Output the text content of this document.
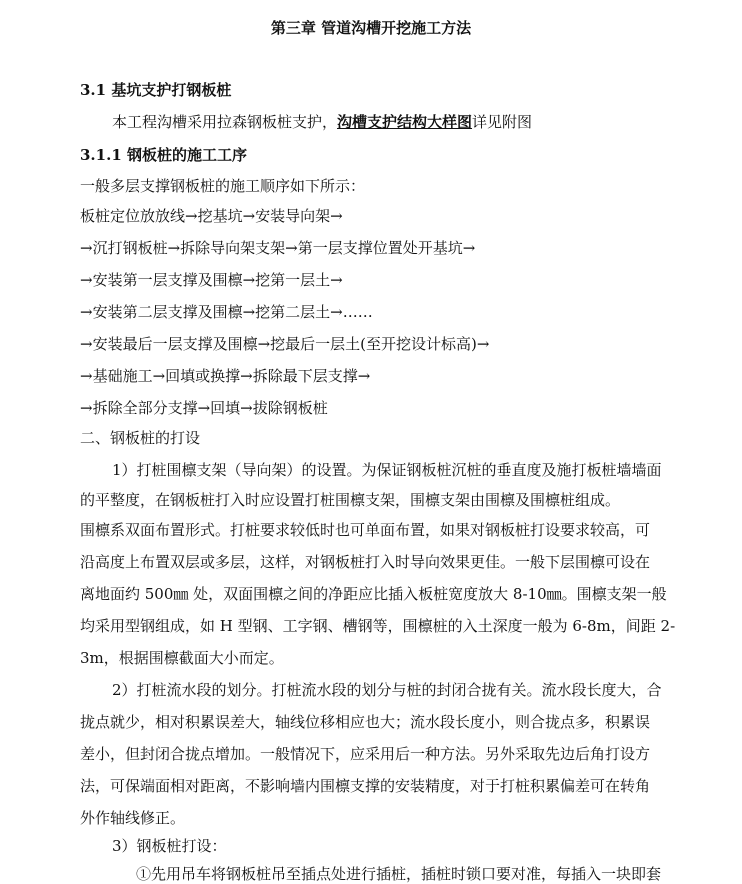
第三章 管道沟槽开挖施工方法
3.1 基坑支护打钢板桩
本工程沟槽采用拉森钢板桩支护，沟槽支护结构大样图详见附图
3.1.1 钢板桩的施工工序
一般多层支撑钢板桩的施工顺序如下所示：
板桩定位放放线→挖基坑→安装导向架→
→沉打钢板桩→拆除导向架支架→第一层支撑位置处开基坑→
→安装第一层支撑及围檩→挖第一层土→
→安装第二层支撑及围檩→挖第二层土→……
→安装最后一层支撑及围檩→挖最后一层土(至开挖设计标高)→
→基础施工→回填或换撑→拆除最下层支撑→
→拆除全部分支撑→回填→拔除钢板桩
二、钢板桩的打设
1）打桩围檩支架（导向架）的设置。为保证钢板桩沉桩的垂直度及施打板桩墙墙面
的平整度，在钢板桩打入时应设置打桩围檩支架，围檩支架由围檩及围檩桩组成。
围檩系双面布置形式。打桩要求较低时也可单面布置，如果对钢板桩打设要求较高，可
沿高度上布置双层或多层，这样，对钢板桩打入时导向效果更佳。一般下层围檩可设在
离地面约 500㎜ 处，双面围檩之间的净距应比插入板桩宽度放大 8-10㎜。围檩支架一般
均采用型钢组成，如 H 型钢、工字钢、槽钢等，围檩桩的入土深度一般为 6-8m，间距 2-
3m，根据围檩截面大小而定。
2）打桩流水段的划分。打桩流水段的划分与桩的封闭合拢有关。流水段长度大，合
拢点就少，相对积累误差大，轴线位移相应也大；流水段长度小，则合拢点多，积累误
差小，但封闭合拢点增加。一般情况下，应采用后一种方法。另外采取先边后角打设方
法，可保端面相对距离，不影响墙内围檩支撑的安装精度，对于打桩积累偏差可在转角
外作轴线修正。
3）钢板桩打设：
①先用吊车将钢板桩吊至插点处进行插桩，插桩时锁口要对准，每插入一块即套
